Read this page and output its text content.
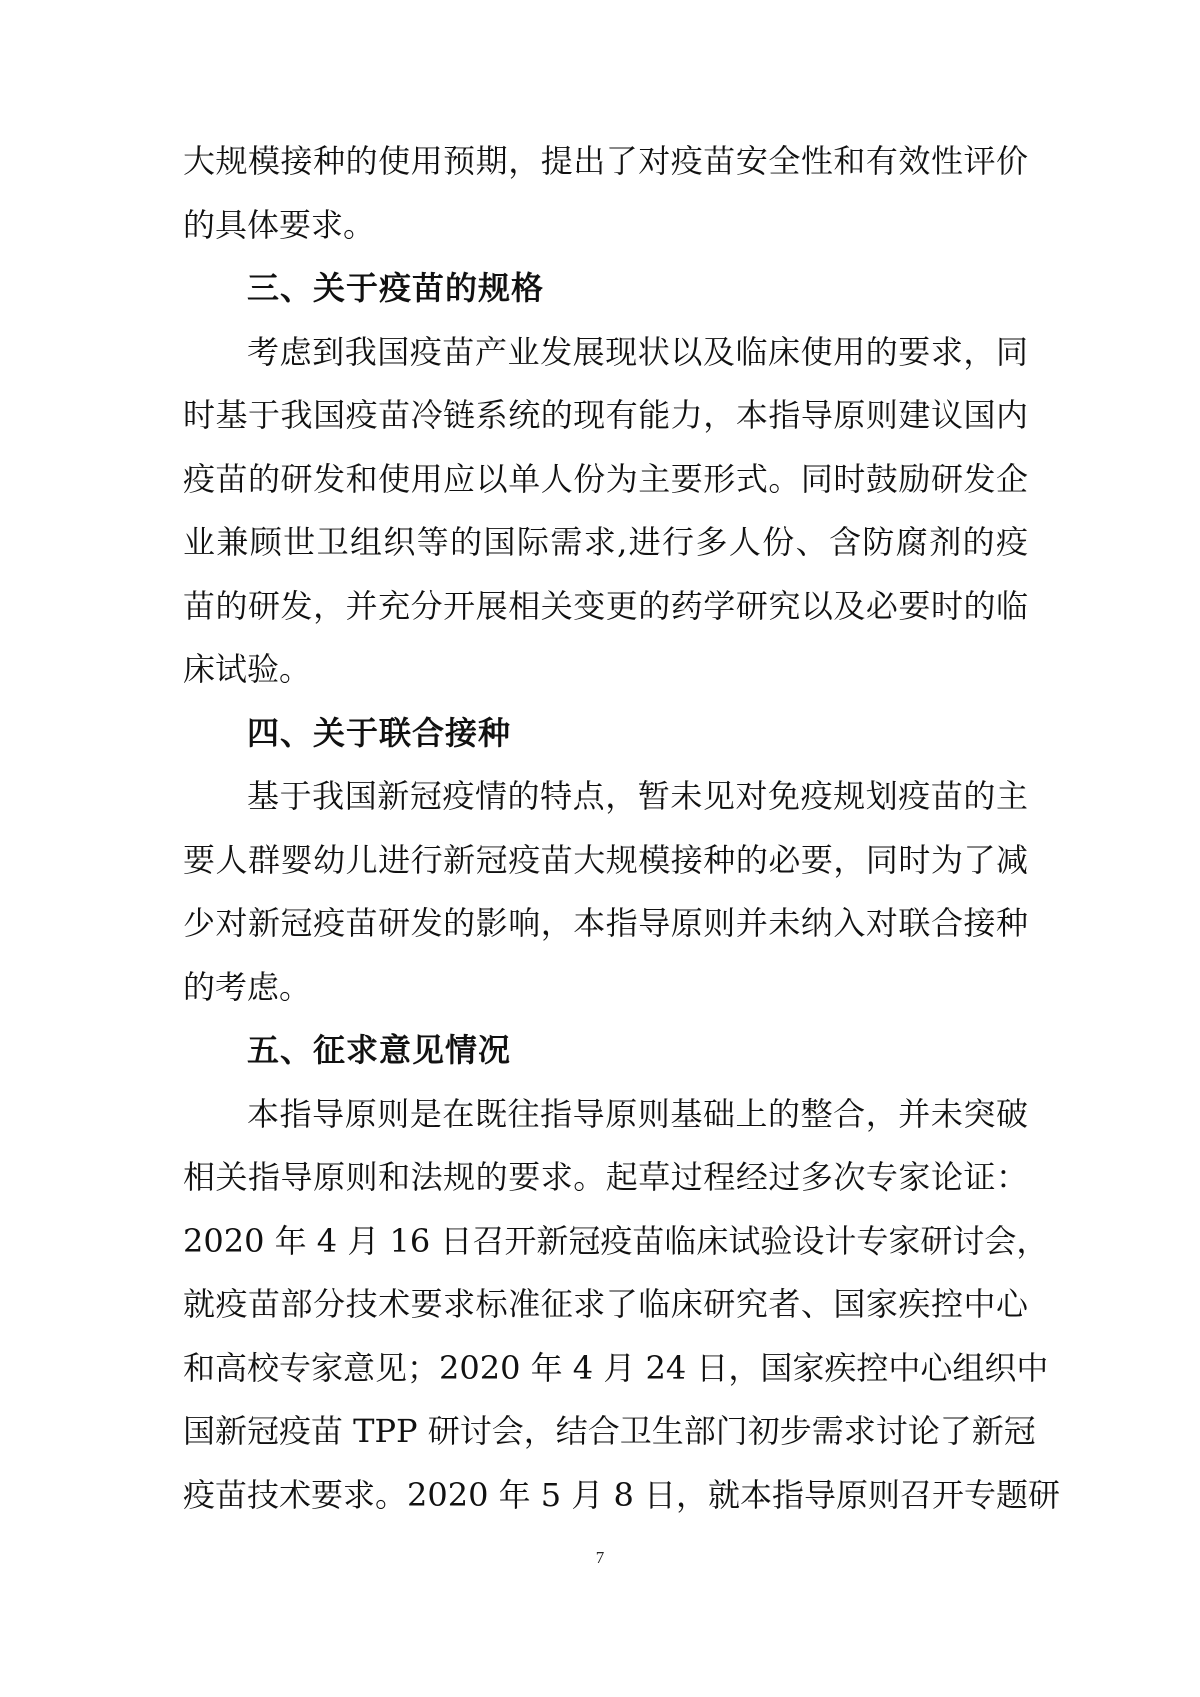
大规模接种的使用预期，提出了对疫苗安全性和有效性评价
的具体要求。
三、关于疫苗的规格
考虑到我国疫苗产业发展现状以及临床使用的要求，同
时基于我国疫苗冷链系统的现有能力，本指导原则建议国内
疫苗的研发和使用应以单人份为主要形式。同时鼓励研发企
业兼顾世卫组织等的国际需求,进行多人份、含防腐剂的疫
苗的研发，并充分开展相关变更的药学研究以及必要时的临
床试验。
四、关于联合接种
基于我国新冠疫情的特点，暂未见对免疫规划疫苗的主
要人群婴幼儿进行新冠疫苗大规模接种的必要，同时为了减
少对新冠疫苗研发的影响，本指导原则并未纳入对联合接种
的考虑。
五、征求意见情况
本指导原则是在既往指导原则基础上的整合，并未突破
相关指导原则和法规的要求。起草过程经过多次专家论证：
2020 年 4 月 16 日召开新冠疫苗临床试验设计专家研讨会，
就疫苗部分技术要求标准征求了临床研究者、国家疾控中心
和高校专家意见；2020 年 4 月 24 日，国家疾控中心组织中
国新冠疫苗 TPP 研讨会，结合卫生部门初步需求讨论了新冠
疫苗技术要求。2020 年 5 月 8 日，就本指导原则召开专题研
7
